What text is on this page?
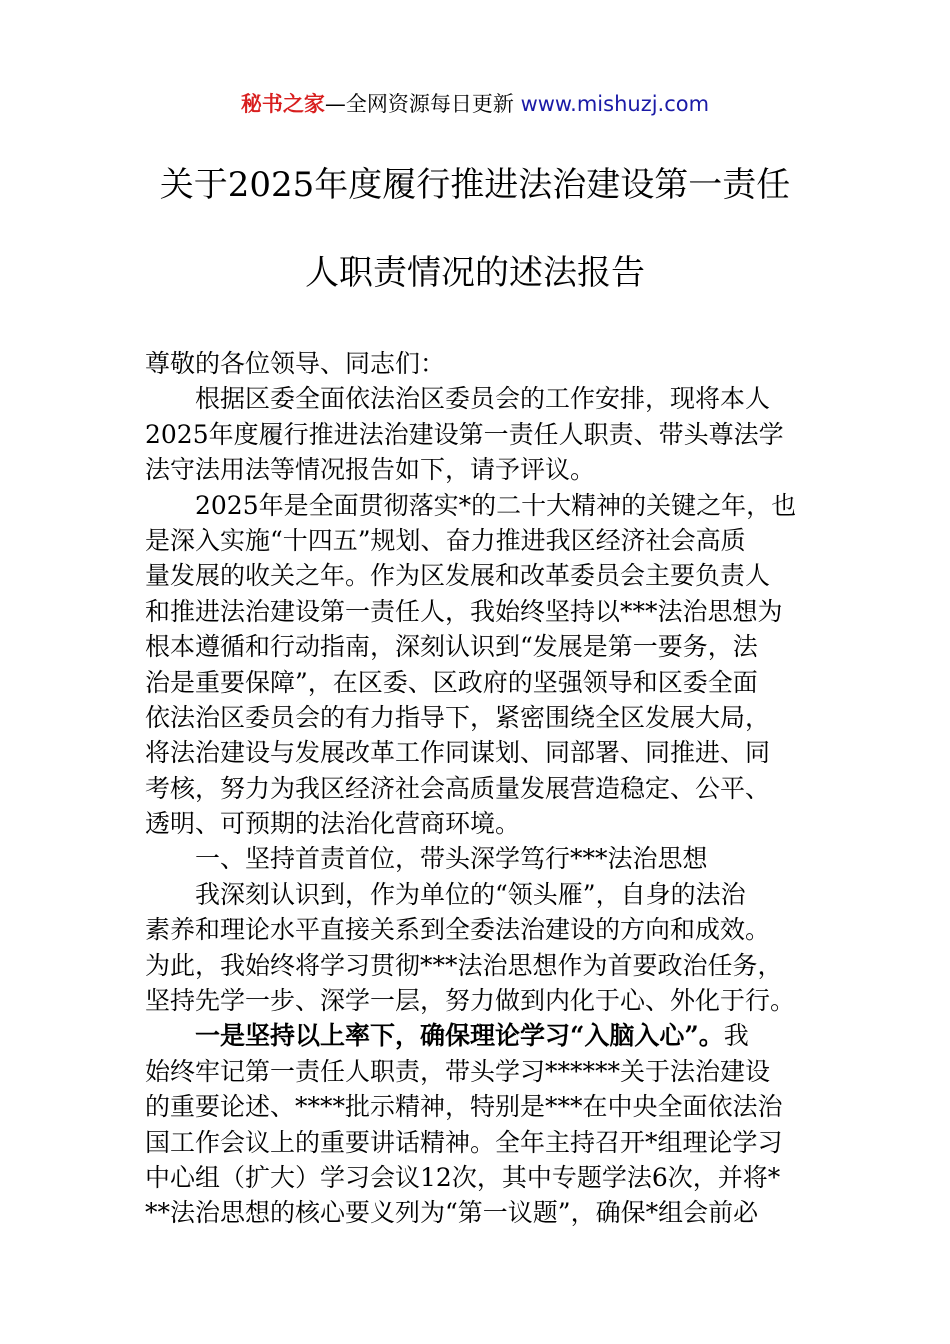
秘书之家—全网资源每日更新 www.mishuzj.com
关于2025年度履行推进法治建设第一责任
人职责情况的述法报告
尊敬的各位领导、同志们：
根据区委全面依法治区委员会的工作安排，现将本人
2025年度履行推进法治建设第一责任人职责、带头尊法学
法守法用法等情况报告如下，请予评议。
2025年是全面贯彻落实*的二十大精神的关键之年，也
是深入实施“十四五”规划、奋力推进我区经济社会高质
量发展的收关之年。作为区发展和改革委员会主要负责人
和推进法治建设第一责任人，我始终坚持以***法治思想为
根本遵循和行动指南，深刻认识到“发展是第一要务，法
治是重要保障”，在区委、区政府的坚强领导和区委全面
依法治区委员会的有力指导下，紧密围绕全区发展大局，
将法治建设与发展改革工作同谋划、同部署、同推进、同
考核，努力为我区经济社会高质量发展营造稳定、公平、
透明、可预期的法治化营商环境。
一、坚持首责首位，带头深学笃行***法治思想
我深刻认识到，作为单位的“领头雁”，自身的法治
素养和理论水平直接关系到全委法治建设的方向和成效。
为此，我始终将学习贯彻***法治思想作为首要政治任务，
坚持先学一步、深学一层，努力做到内化于心、外化于行。
一是坚持以上率下，确保理论学习“入脑入心”。我
始终牢记第一责任人职责，带头学习******关于法治建设
的重要论述、****批示精神，特别是***在中央全面依法治
国工作会议上的重要讲话精神。全年主持召开*组理论学习
中心组（扩大）学习会议12次，其中专题学法6次，并将*
**法治思想的核心要义列为“第一议题”，确保*组会前必
